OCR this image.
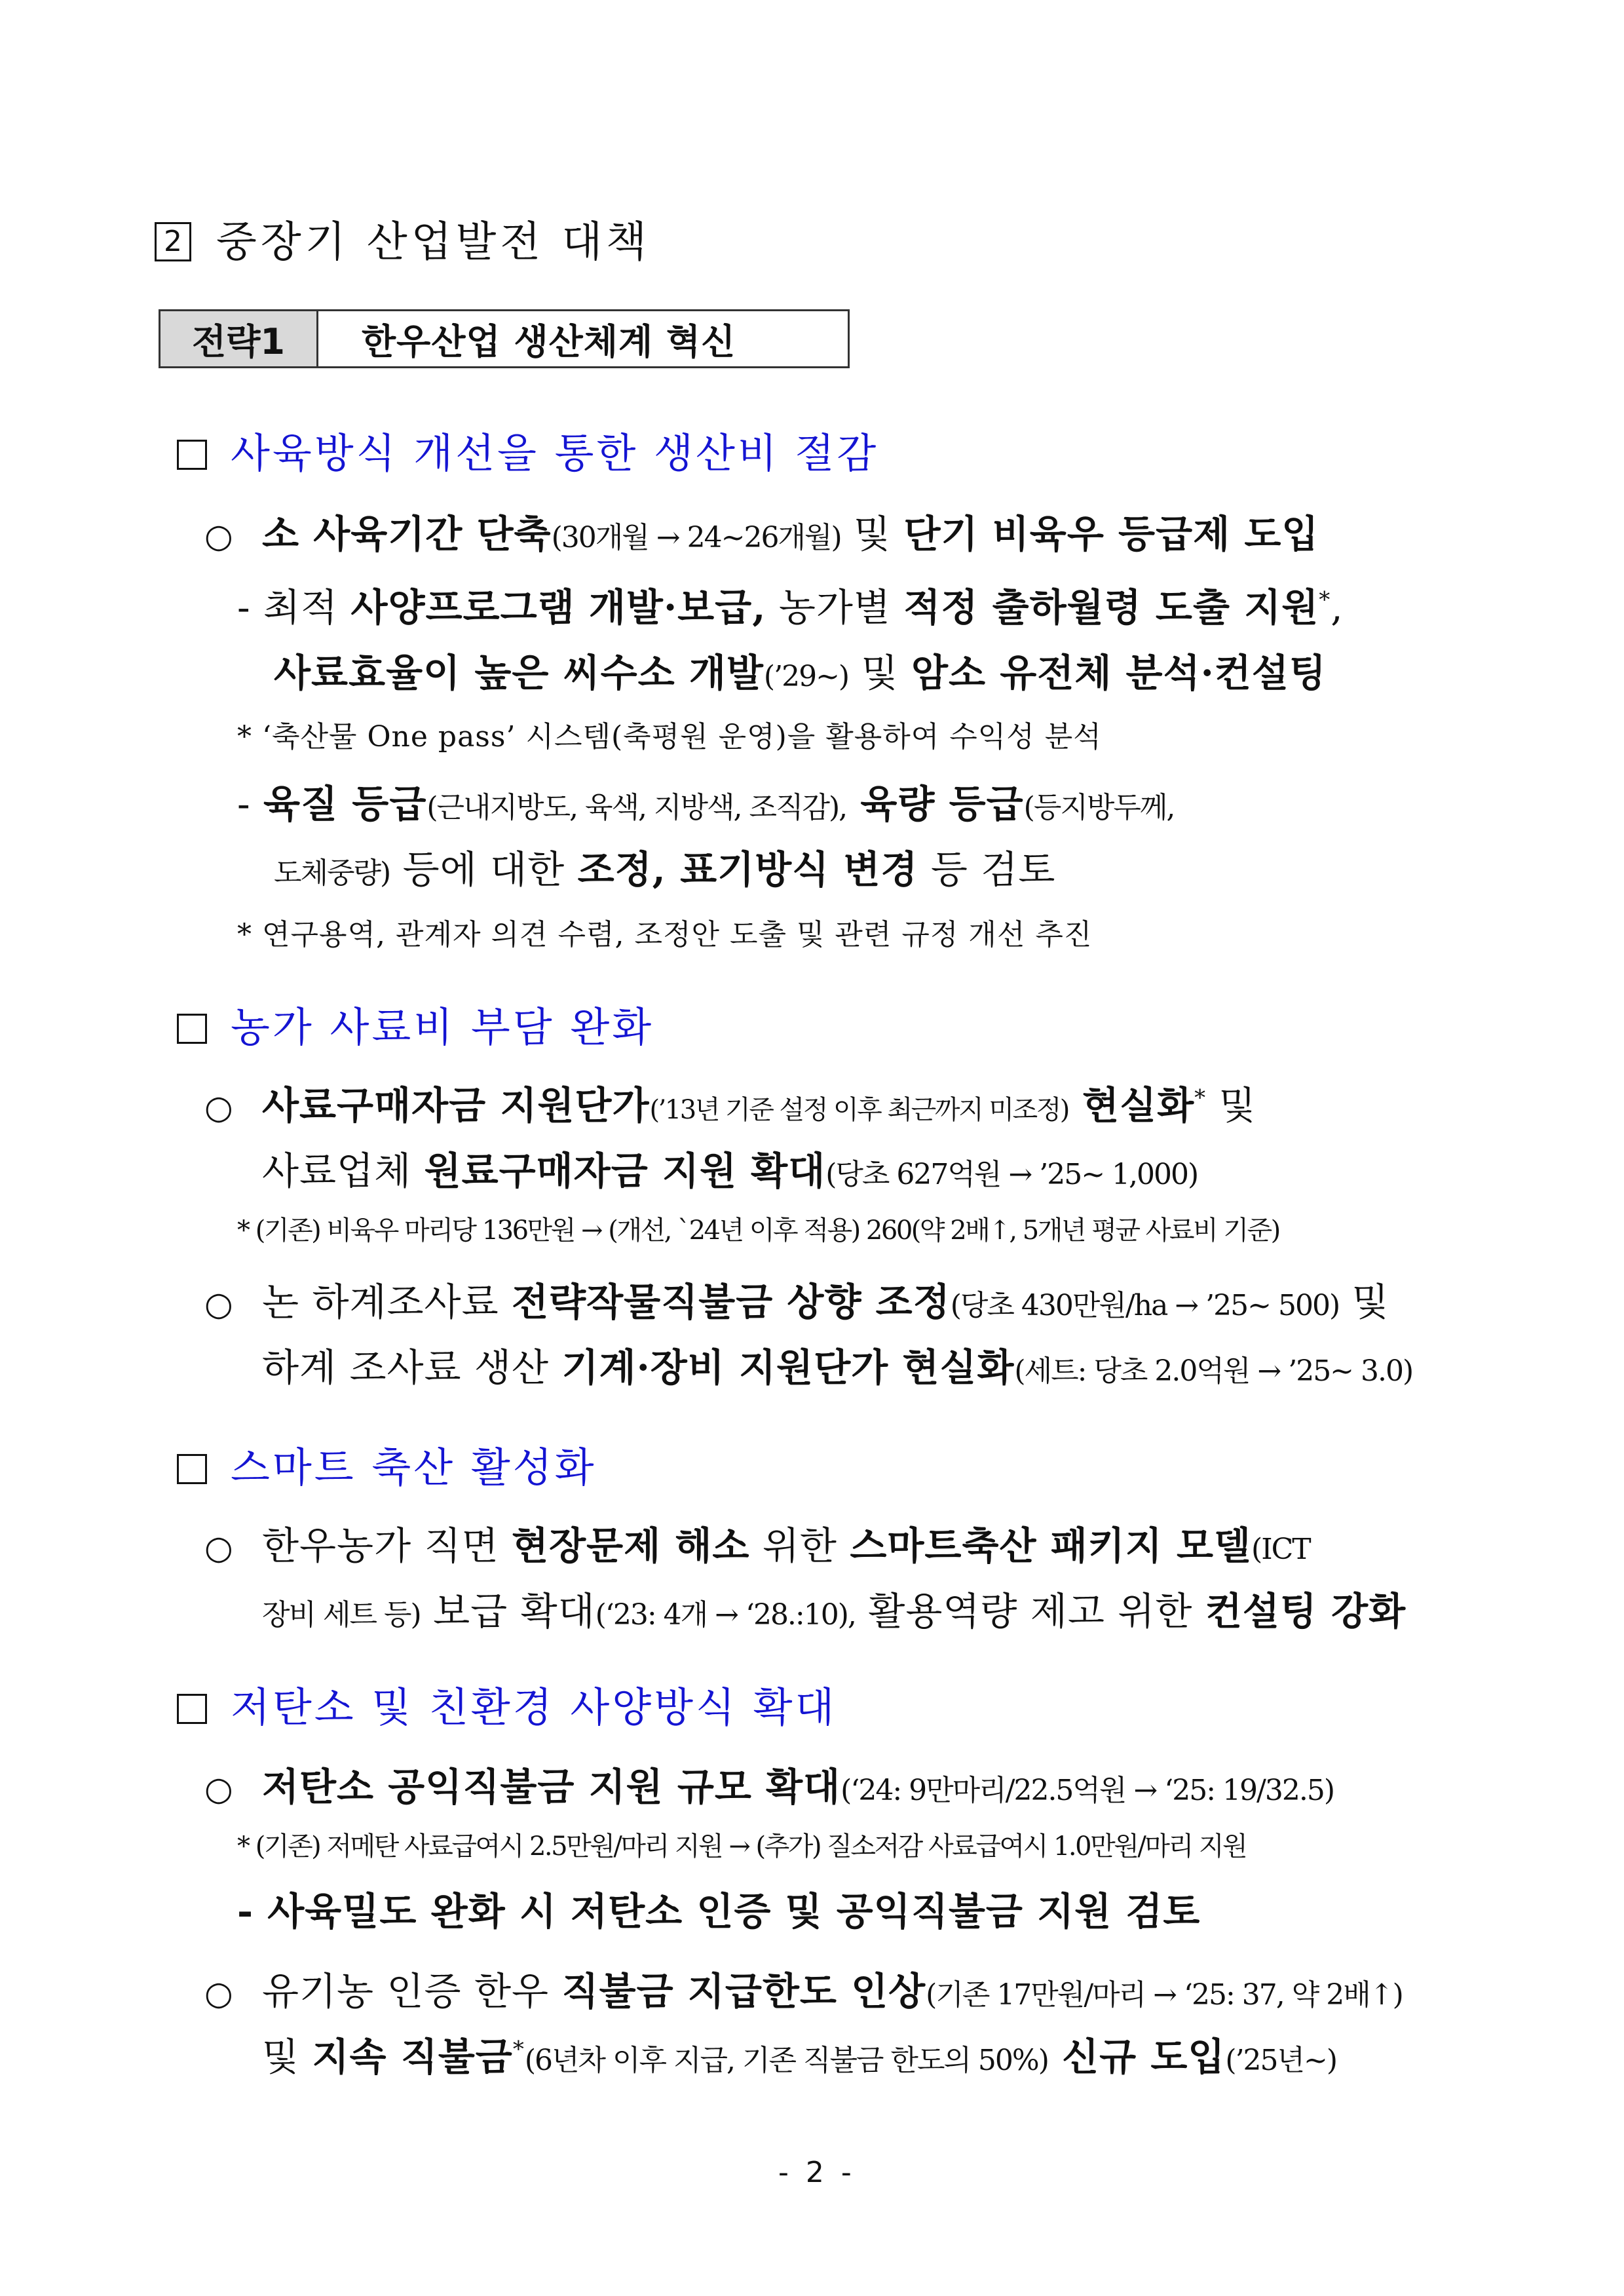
2 중장기 산업발전 대책
전략1	한우산업 생산체계 혁신
사육방식 개선을 통한 생산비 절감
○ 소 사육기간 단축(30개월 → 24~26개월) 및 단기 비육우 등급제 도입
- 최적 사양프로그램 개발·보급, 농가별 적정 출하월령 도출 지원*,
사료효율이 높은 씨수소 개발(’29~) 및 암소 유전체 분석·컨설팅
* ‘축산물 One pass’ 시스템(축평원 운영)을 활용하여 수익성 분석
- 육질 등급(근내지방도, 육색, 지방색, 조직감), 육량 등급(등지방두께,
도체중량) 등에 대한 조정, 표기방식 변경 등 검토
* 연구용역, 관계자 의견 수렴, 조정안 도출 및 관련 규정 개선 추진
농가 사료비 부담 완화
○ 사료구매자금 지원단가(’13년 기준 설정 이후 최근까지 미조정) 현실화* 및
사료업체 원료구매자금 지원 확대(당초 627억원 → ’25~ 1,000)
* (기존) 비육우 마리당 136만원 → (개선, `24년 이후 적용) 260(약 2배↑, 5개년 평균 사료비 기준)
○ 논 하계조사료 전략작물직불금 상향 조정(당초 430만원/ha → ’25~ 500) 및
하계 조사료 생산 기계·장비 지원단가 현실화(세트: 당초 2.0억원 → ’25~ 3.0)
스마트 축산 활성화
○ 한우농가 직면 현장문제 해소 위한 스마트축산 패키지 모델(ICT
장비 세트 등) 보급 확대(‘23: 4개 → ‘28.:10), 활용역량 제고 위한 컨설팅 강화
저탄소 및 친환경 사양방식 확대
○ 저탄소 공익직불금 지원 규모 확대(‘24: 9만마리/22.5억원 → ‘25: 19/32.5)
* (기존) 저메탄 사료급여시 2.5만원/마리 지원 → (추가) 질소저감 사료급여시 1.0만원/마리 지원
- 사육밀도 완화 시 저탄소 인증 및 공익직불금 지원 검토
○ 유기농 인증 한우 직불금 지급한도 인상(기존 17만원/마리 → ‘25: 37, 약 2배↑)
및 지속 직불금*(6년차 이후 지급, 기존 직불금 한도의 50%) 신규 도입(’25년~)
- 2 -
